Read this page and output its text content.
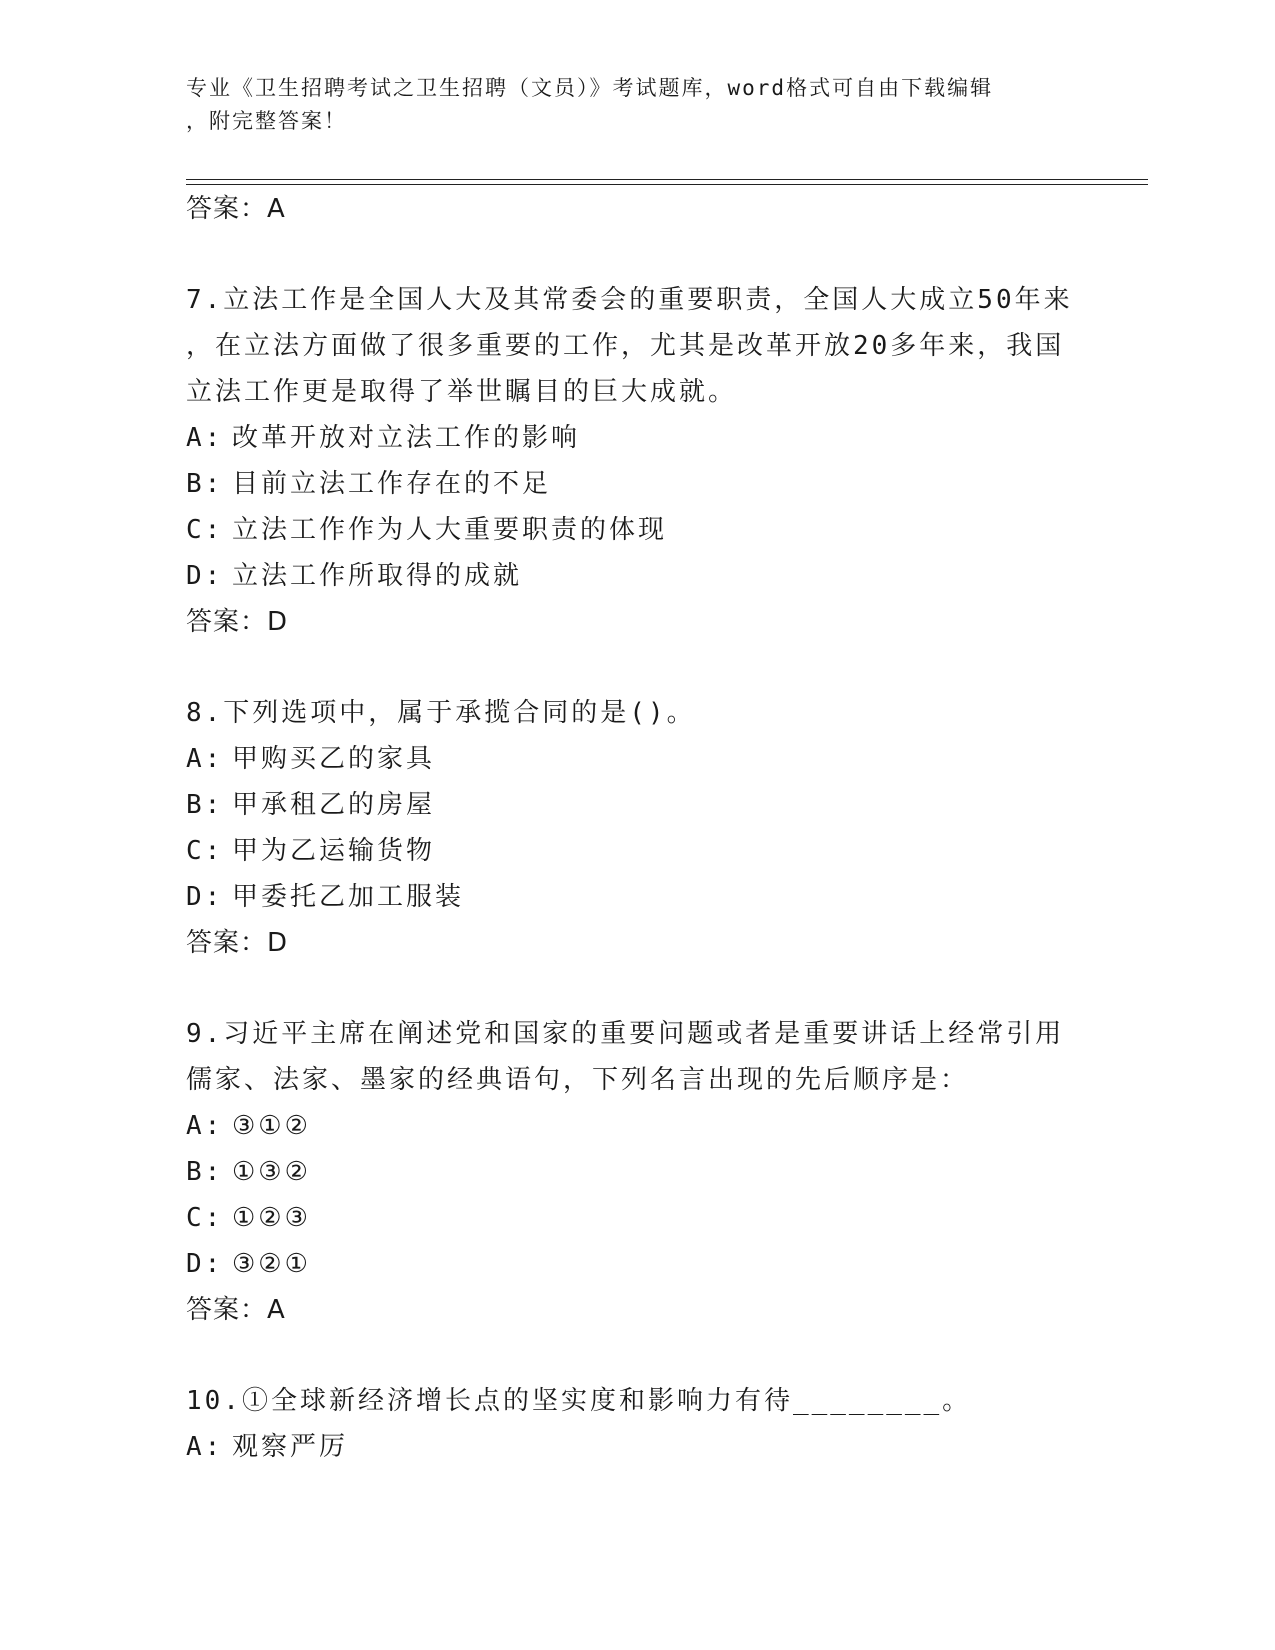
专业《卫生招聘考试之卫生招聘（文员）》考试题库，word格式可自由下载编辑
，附完整答案！
答案：A
7.立法工作是全国人大及其常委会的重要职责，全国人大成立50年来
，在立法方面做了很多重要的工作，尤其是改革开放20多年来，我国
立法工作更是取得了举世瞩目的巨大成就。
A: 改革开放对立法工作的影响
B: 目前立法工作存在的不足
C: 立法工作作为人大重要职责的体现
D: 立法工作所取得的成就
答案：D
8.下列选项中，属于承揽合同的是()。
A: 甲购买乙的家具
B: 甲承租乙的房屋
C: 甲为乙运输货物
D: 甲委托乙加工服装
答案：D
9.习近平主席在阐述党和国家的重要问题或者是重要讲话上经常引用
儒家、法家、墨家的经典语句，下列名言出现的先后顺序是：
A: ③①②
B: ①③②
C: ①②③
D: ③②①
答案：A
10.①全球新经济增长点的坚实度和影响力有待________。
A: 观察严厉
